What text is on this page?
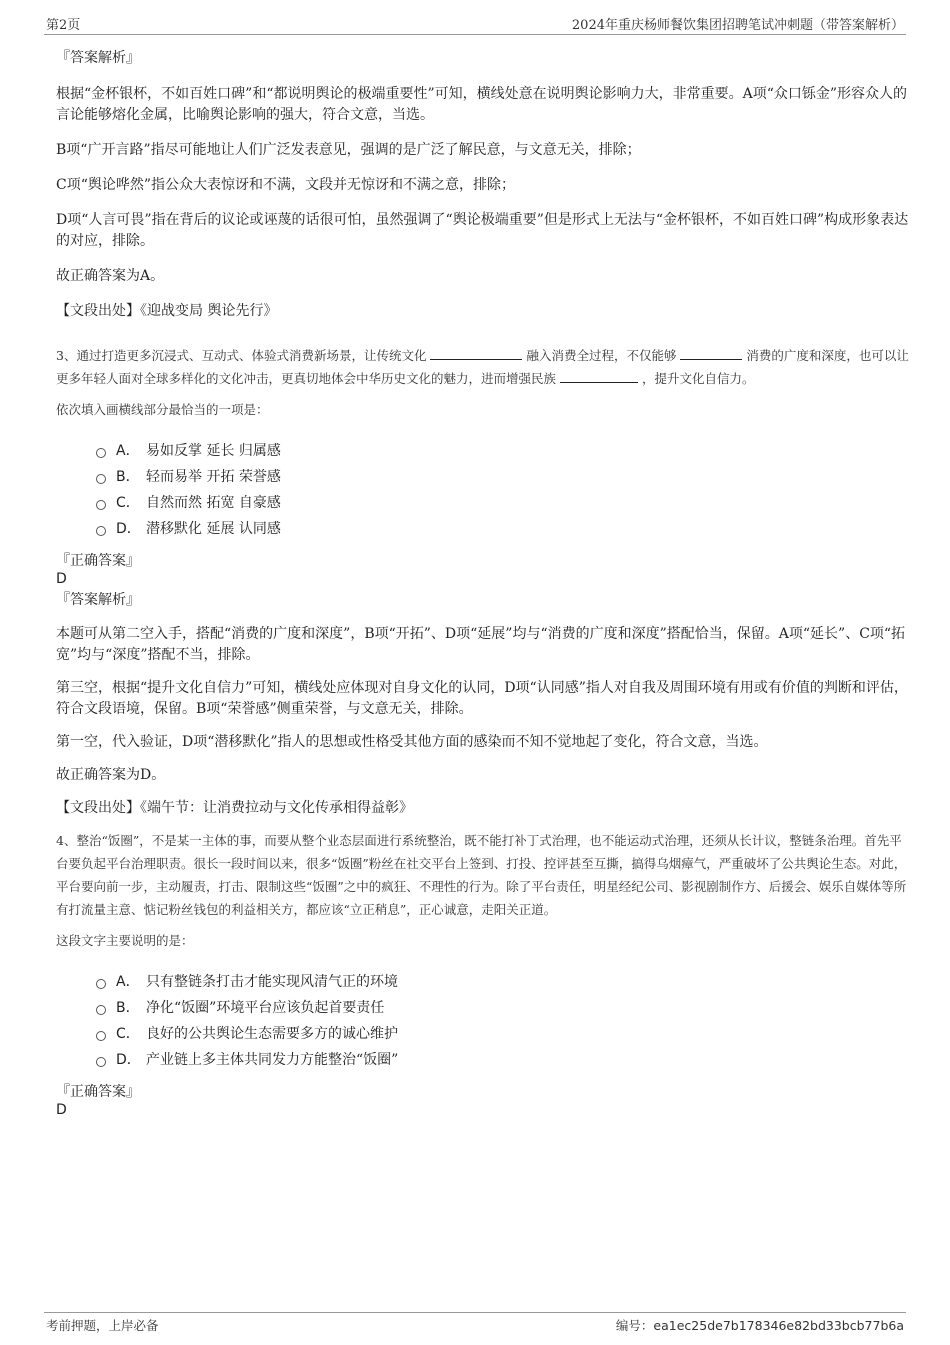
第2页	2024年重庆杨师餐饮集团招聘笔试冲刺题（带答案解析）

『答案解析』

根据“金杯银杯，不如百姓口碑”和“都说明舆论的极端重要性”可知，横线处意在说明舆论影响力大，非常重要。A项“众口铄金”形容众人的言论能够熔化金属，比喻舆论影响的强大，符合文意，当选。

B项“广开言路”指尽可能地让人们广泛发表意见，强调的是广泛了解民意，与文意无关，排除；

C项“舆论哗然”指公众大表惊讶和不满，文段并无惊讶和不满之意，排除；

D项“人言可畏”指在背后的议论或诬蔑的话很可怕，虽然强调了“舆论极端重要”但是形式上无法与“金杯银杯，不如百姓口碑”构成形象表达的对应，排除。

故正确答案为A。

【文段出处】《迎战变局 舆论先行》

3、通过打造更多沉浸式、互动式、体验式消费新场景，让传统文化	融入消费全过程，不仅能够	消费的广度和深度，也可以让更多年轻人面对全球多样化的文化冲击，更真切地体会中华历史文化的魅力，进而增强民族	，提升文化自信力。

依次填入画横线部分最恰当的一项是：

A． 易如反掌 延长 归属感
B． 轻而易举 开拓 荣誉感
C． 自然而然 拓宽 自豪感
D． 潜移默化 延展 认同感

『正确答案』

D

『答案解析』

本题可从第二空入手，搭配“消费的广度和深度”，B项“开拓”、D项“延展”均与“消费的广度和深度”搭配恰当，保留。A项“延长”、C项“拓宽”均与“深度”搭配不当，排除。

第三空，根据“提升文化自信力”可知，横线处应体现对自身文化的认同，D项“认同感”指人对自我及周围环境有用或有价值的判断和评估，符合文段语境，保留。B项“荣誉感”侧重荣誉，与文意无关，排除。

第一空，代入验证，D项“潜移默化”指人的思想或性格受其他方面的感染而不知不觉地起了变化，符合文意，当选。

故正确答案为D。

【文段出处】《端午节：让消费拉动与文化传承相得益彰》

4、整治“饭圈”，不是某一主体的事，而要从整个业态层面进行系统整治，既不能打补丁式治理，也不能运动式治理，还须从长计议，整链条治理。首先平台要负起平台治理职责。很长一段时间以来，很多“饭圈”粉丝在社交平台上签到、打投、控评甚至互撕，搞得乌烟瘴气，严重破坏了公共舆论生态。对此，平台要向前一步，主动履责，打击、限制这些“饭圈”之中的疯狂、不理性的行为。除了平台责任，明星经纪公司、影视剧制作方、后援会、娱乐自媒体等所有打流量主意、惦记粉丝钱包的利益相关方，都应该“立正稍息”，正心诚意，走阳关正道。

这段文字主要说明的是：

A． 只有整链条打击才能实现风清气正的环境
B． 净化“饭圈”环境平台应该负起首要责任
C． 良好的公共舆论生态需要多方的诚心维护
D． 产业链上多主体共同发力方能整治“饭圈”

『正确答案』

D

考前押题，上岸必备	编号：ea1ec25de7b178346e82bd33bcb77b6a
